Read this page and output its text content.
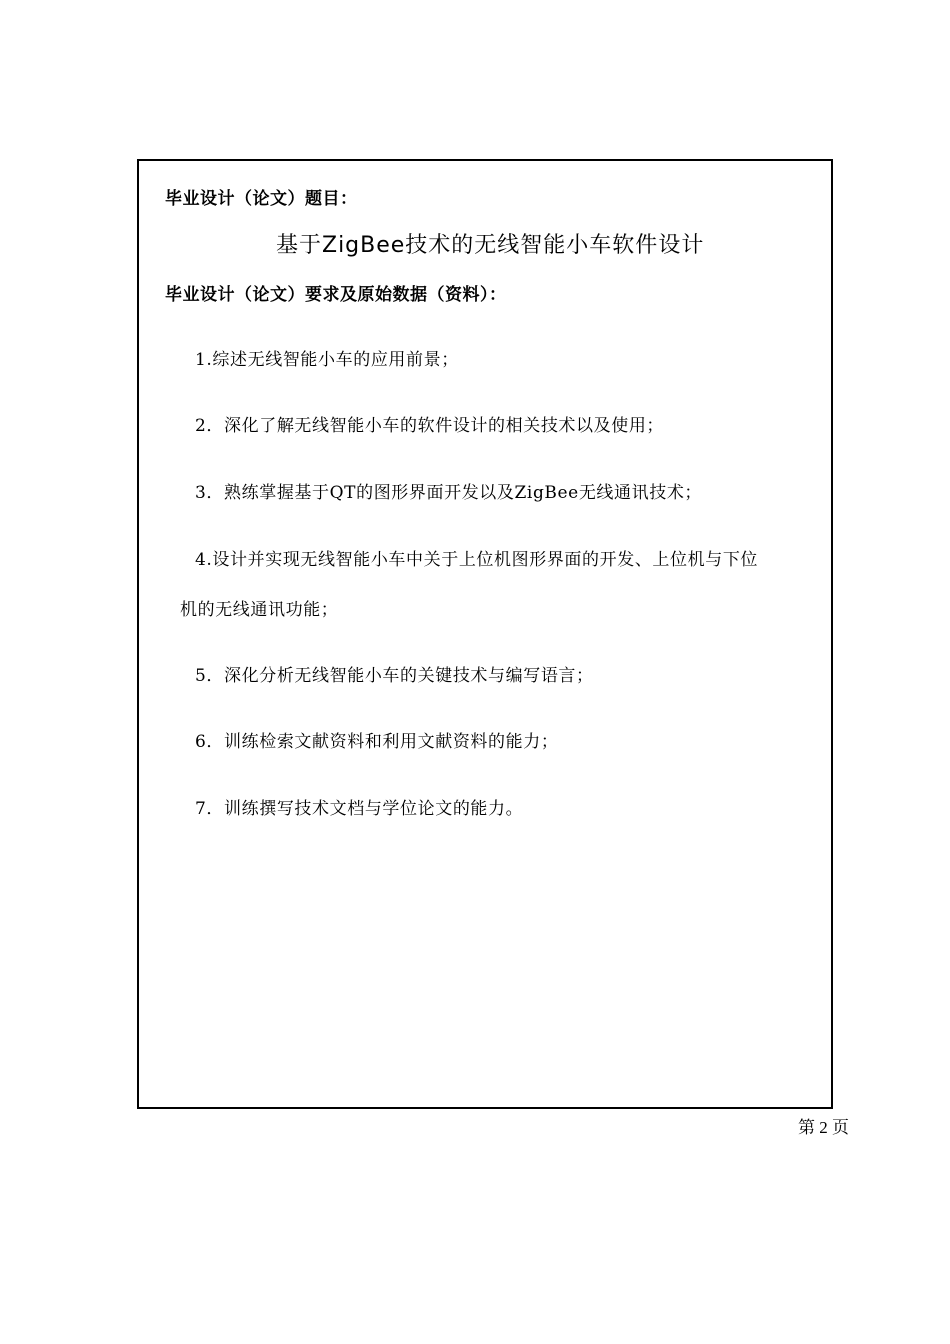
毕业设计（论文）题目：
基于ZigBee技术的无线智能小车软件设计
毕业设计（论文）要求及原始数据（资料）：
1.综述无线智能小车的应用前景；
2．深化了解无线智能小车的软件设计的相关技术以及使用；
3．熟练掌握基于QT的图形界面开发以及ZigBee无线通讯技术；
4.设计并实现无线智能小车中关于上位机图形界面的开发、上位机与下位
机的无线通讯功能；
5．深化分析无线智能小车的关键技术与编写语言；
6．训练检索文献资料和利用文献资料的能力；
7．训练撰写技术文档与学位论文的能力。
第 2 页
